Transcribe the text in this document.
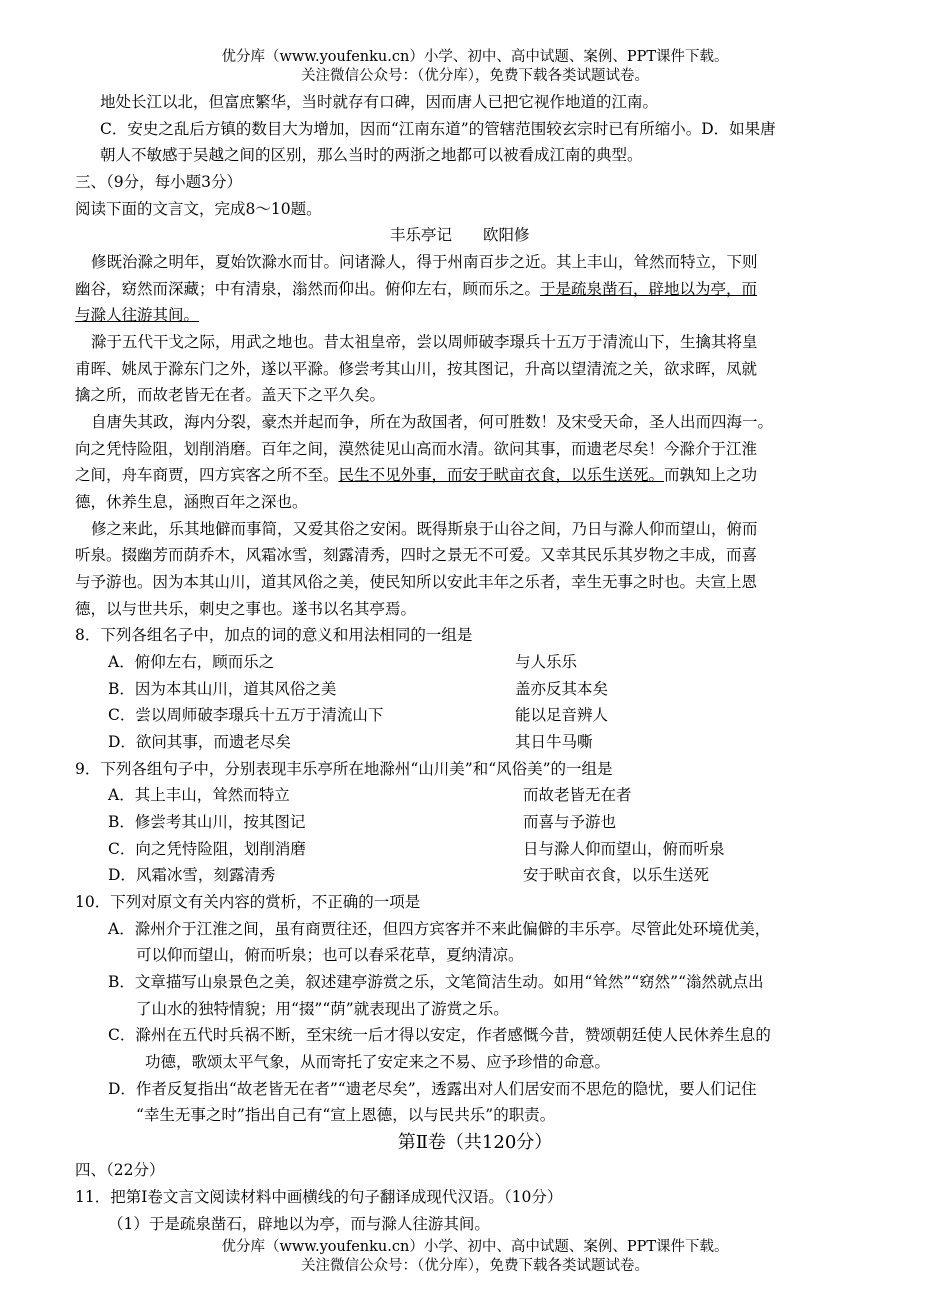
优分库（www.youfenku.cn）小学、初中、高中试题、案例、PPT课件下载。
关注微信公众号：（优分库），免费下载各类试题试卷。
地处长江以北，但富庶繁华，当时就存有口碑，因而唐人已把它视作地道的江南。
C．安史之乱后方镇的数目大为增加，因而“江南东道”的管辖范围较玄宗时已有所缩小。D．如果唐
朝人不敏感于吴越之间的区别，那么当时的两浙之地都可以被看成江南的典型。
三、（9分，每小题3分）
阅读下面的文言文，完成8～10题。
丰乐亭记　　欧阳修
修既治滁之明年，夏始饮滁水而甘。问诸滁人，得于州南百步之近。其上丰山，耸然而特立，下则
幽谷，窈然而深藏；中有清泉，滃然而仰出。俯仰左右，顾而乐之。于是疏泉凿石，辟地以为亭，而
与滁人往游其间。
滁于五代干戈之际，用武之地也。昔太祖皇帝，尝以周师破李璟兵十五万于清流山下，生擒其将皇
甫晖、姚凤于滁东门之外，遂以平滁。修尝考其山川，按其图记，升高以望清流之关，欲求晖，凤就
擒之所，而故老皆无在者。盖天下之平久矣。
自唐失其政，海内分裂，豪杰并起而争，所在为敌国者，何可胜数！及宋受天命，圣人出而四海一。
向之凭恃险阻，划削消磨。百年之间，漠然徒见山高而水清。欲问其事，而遗老尽矣！今滁介于江淮
之间，舟车商贾，四方宾客之所不至。民生不见外事，而安于畎亩衣食，以乐生送死。而孰知上之功
德，休养生息，涵煦百年之深也。
修之来此，乐其地僻而事简，又爱其俗之安闲。既得斯泉于山谷之间，乃日与滁人仰而望山，俯而
听泉。掇幽芳而荫乔木，风霜冰雪，刻露清秀，四时之景无不可爱。又幸其民乐其岁物之丰成，而喜
与予游也。因为本其山川，道其风俗之美，使民知所以安此丰年之乐者，幸生无事之时也。夫宣上恩
德，以与世共乐，刺史之事也。遂书以名其亭焉。
8．下列各组名子中，加点的词的意义和用法相同的一组是
A．俯仰左右，顾而乐之	与人乐乐
B．因为本其山川，道其风俗之美	盖亦反其本矣
C．尝以周师破李璟兵十五万于清流山下	能以足音辨人
D．欲问其事，而遗老尽矣	其日牛马嘶
9．下列各组句子中，分别表现丰乐亭所在地滁州“山川美”和“风俗美”的一组是
A．其上丰山，耸然而特立	而故老皆无在者
B．修尝考其山川，按其图记	而喜与予游也
C．向之凭恃险阻，划削消磨	日与滁人仰而望山，俯而听泉
D．风霜冰雪，刻露清秀	安于畎亩衣食，以乐生送死
10．下列对原文有关内容的赏析，不正确的一项是
A．滁州介于江淮之间，虽有商贾往还，但四方宾客并不来此偏僻的丰乐亭。尽管此处环境优美，
可以仰而望山，俯而听泉；也可以春采花草，夏纳清凉。
B．文章描写山泉景色之美，叙述建亭游赏之乐，文笔简洁生动。如用“耸然”“窈然”“滃然就点出
了山水的独特情貌；用“掇”“荫”就表现出了游赏之乐。
C．滁州在五代时兵祸不断，至宋统一后才得以安定，作者感慨今昔，赞颂朝廷使人民休养生息的
功德，歌颂太平气象，从而寄托了安定来之不易、应予珍惜的命意。
D．作者反复指出“故老皆无在者”“遗老尽矣”，透露出对人们居安而不思危的隐忧，要人们记住
“幸生无事之时”指出自己有“宣上恩德，以与民共乐”的职责。
第Ⅱ卷（共120分）
四、（22分）
11．把第Ⅰ卷文言文阅读材料中画横线的句子翻译成现代汉语。（10分）
（1）于是疏泉凿石，辟地以为亭，而与滁人往游其间。
优分库（www.youfenku.cn）小学、初中、高中试题、案例、PPT课件下载。
关注微信公众号：（优分库），免费下载各类试题试卷。
